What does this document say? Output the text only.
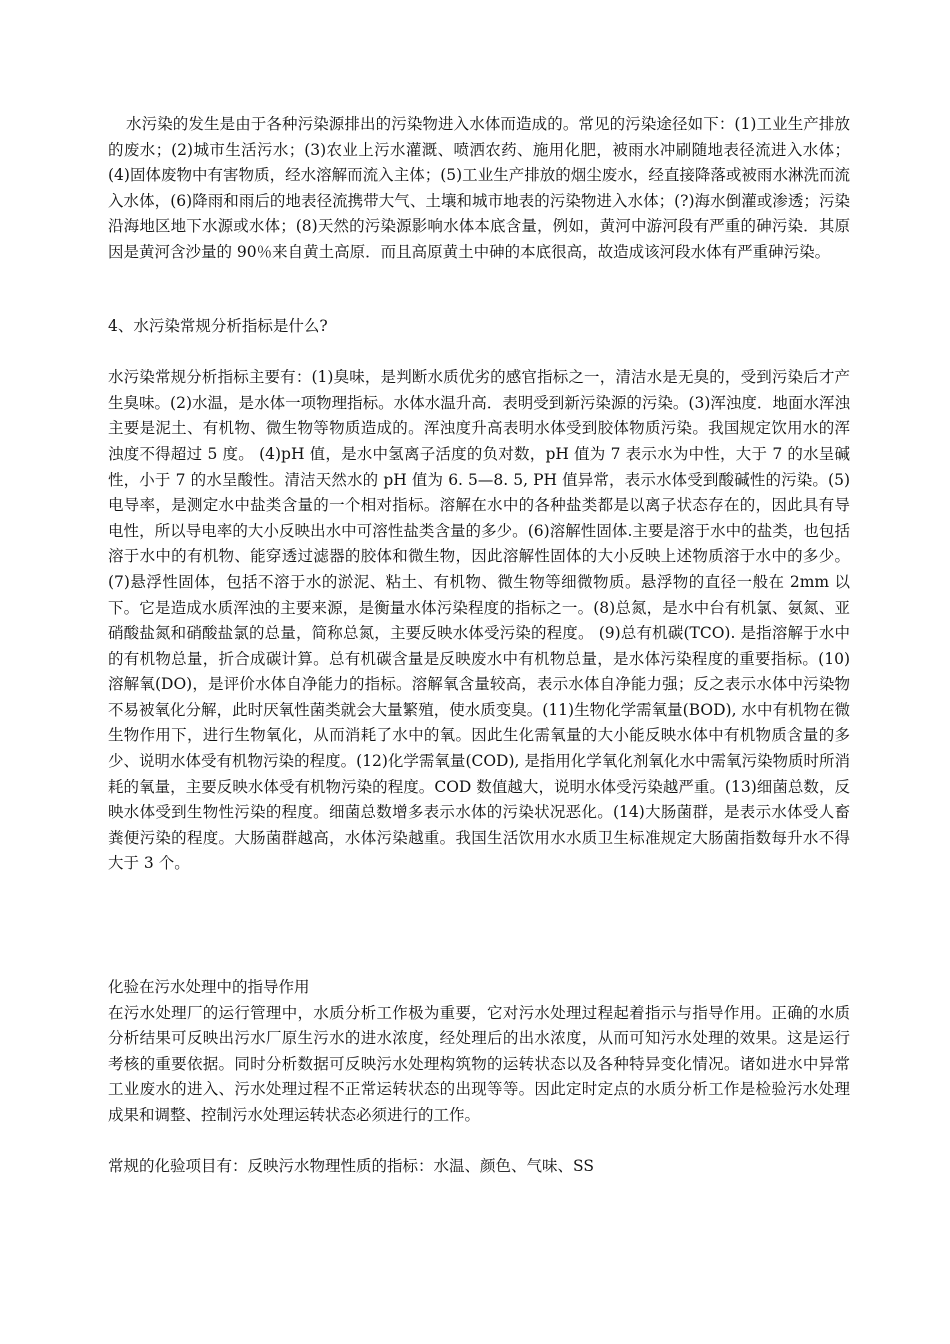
水污染的发生是由于各种污染源排出的污染物进入水体而造成的。常见的污染途径如下：(1)工业生产排放的废水；(2)城市生活污水；(3)农业上污水灌溉、喷洒农药、施用化肥，被雨水冲刷随地表径流进入水体；(4)固体废物中有害物质，经水溶解而流入主体；(5)工业生产排放的烟尘废水，经直接降落或被雨水淋洗而流入水体，(6)降雨和雨后的地表径流携带大气、土壤和城市地表的污染物进入水体；(?)海水倒灌或渗透；污染沿海地区地下水源或水体；(8)天然的污染源影响水体本底含量，例如，黄河中游河段有严重的砷污染．其原因是黄河含沙量的 90％来自黄土高原．而且高原黄土中砷的本底很高，故造成该河段水体有严重砷污染。

4、水污染常规分析指标是什么?

水污染常规分析指标主要有：(1)臭味，是判断水质优劣的感官指标之一，清洁水是无臭的，受到污染后才产生臭味。(2)水温，是水体一项物理指标。水体水温升高．表明受到新污染源的污染。(3)浑浊度．地面水浑浊主要是泥土、有机物、微生物等物质造成的。浑浊度升高表明水体受到胶体物质污染。我国规定饮用水的浑浊度不得超过 5 度。 (4)pH 值，是水中氢离子活度的负对数，pH 值为 7 表示水为中性，大于 7 的水呈碱性，小于 7 的水呈酸性。清洁天然水的 pH 值为 6. 5—8. 5, PH 值异常，表示水体受到酸碱性的污染。(5)电导率，是测定水中盐类含量的一个相对指标。溶解在水中的各种盐类都是以离子状态存在的，因此具有导电性，所以导电率的大小反映出水中可溶性盐类含量的多少。(6)溶解性固体.主要是溶于水中的盐类，也包括溶于水中的有机物、能穿透过滤器的胶体和微生物，因此溶解性固体的大小反映上述物质溶于水中的多少。(7)悬浮性固体，包括不溶于水的淤泥、粘土、有机物、微生物等细微物质。悬浮物的直径一般在 2mm 以下。它是造成水质浑浊的主要来源，是衡量水体污染程度的指标之一。(8)总氮，是水中台有机氯、氨氮、亚硝酸盐氮和硝酸盐氯的总量，简称总氮，主要反映水体受污染的程度。 (9)总有机碳(TCO). 是指溶解于水中的有机物总量，折合成碳计算。总有机碳含量是反映废水中有机物总量，是水体污染程度的重要指标。(10)溶解氧(DO)，是评价水体自净能力的指标。溶解氧含量较高，表示水体自净能力强；反之表示水体中污染物不易被氧化分解，此时厌氧性菌类就会大量繁殖，使水质变臭。(11)生物化学需氧量(BOD), 水中有机物在微生物作用下，进行生物氧化，从而消耗了水中的氧。因此生化需氧量的大小能反映水体中有机物质含量的多少、说明水体受有机物污染的程度。(12)化学需氧量(COD), 是指用化学氧化剂氧化水中需氧污染物质时所消耗的氧量，主要反映水体受有机物污染的程度。COD 数值越大，说明水体受污染越严重。(13)细菌总数，反映水体受到生物性污染的程度。细菌总数增多表示水体的污染状况恶化。(14)大肠菌群，是表示水体受人畜粪便污染的程度。大肠菌群越高，水体污染越重。我国生活饮用水水质卫生标准规定大肠菌指数每升水不得大于 3 个。

化验在污水处理中的指导作用

在污水处理厂的运行管理中，水质分析工作极为重要，它对污水处理过程起着指示与指导作用。正确的水质分析结果可反映出污水厂原生污水的进水浓度，经处理后的出水浓度，从而可知污水处理的效果。这是运行考核的重要依据。同时分析数据可反映污水处理构筑物的运转状态以及各种特异变化情况。诸如进水中异常工业废水的进入、污水处理过程不正常运转状态的出现等等。因此定时定点的水质分析工作是检验污水处理成果和调整、控制污水处理运转状态必须进行的工作。

常规的化验项目有：反映污水物理性质的指标：水温、颜色、气味、SS
